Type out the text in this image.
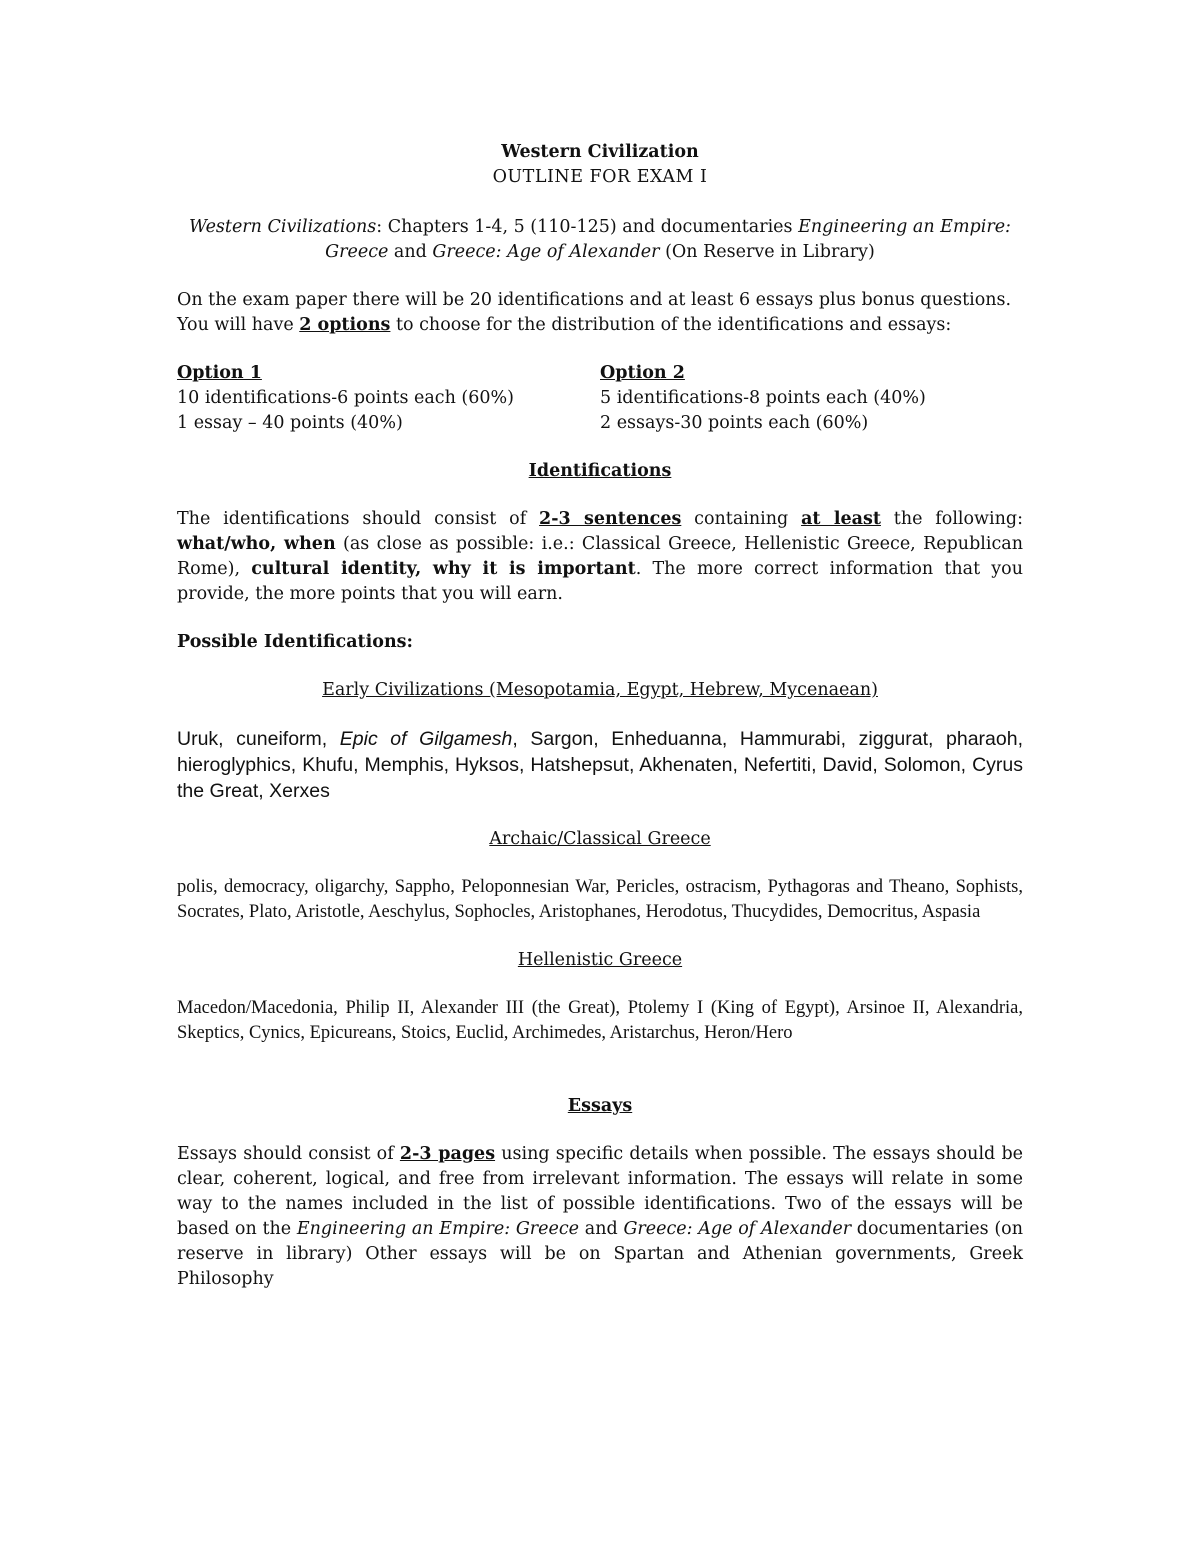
Western Civilization

OUTLINE FOR EXAM I

Western Civilizations: Chapters 1-4, 5 (110-125) and documentaries Engineering an Empire:
Greece and Greece: Age of Alexander (On Reserve in Library)

On the exam paper there will be 20 identifications and at least 6 essays plus bonus questions.
You will have 2 options to choose for the distribution of the identifications and essays:

Option 1

10 identifications-6 points each (60%)

1 essay – 40 points (40%)

Option 2

5 identifications-8 points each (40%)

2 essays-30 points each (60%)

Identifications

The identifications should consist of 2-3 sentences containing at least the following: what/who, when (as close as possible: i.e.: Classical Greece, Hellenistic Greece, Republican Rome), cultural identity, why it is important. The more correct information that you provide, the more points that you will earn.

Possible Identifications:

Early Civilizations (Mesopotamia, Egypt, Hebrew, Mycenaean)

Uruk, cuneiform, Epic of Gilgamesh, Sargon, Enheduanna, Hammurabi, ziggurat, pharaoh, hieroglyphics, Khufu, Memphis, Hyksos, Hatshepsut, Akhenaten, Nefertiti, David, Solomon, Cyrus the Great, Xerxes

Archaic/Classical Greece

polis, democracy, oligarchy, Sappho, Peloponnesian War, Pericles, ostracism, Pythagoras and Theano, Sophists, Socrates, Plato, Aristotle, Aeschylus, Sophocles, Aristophanes, Herodotus, Thucydides, Democritus, Aspasia

Hellenistic Greece

Macedon/Macedonia, Philip II, Alexander III (the Great), Ptolemy I (King of Egypt), Arsinoe II, Alexandria, Skeptics, Cynics, Epicureans, Stoics, Euclid, Archimedes, Aristarchus, Heron/Hero

Essays

Essays should consist of 2-3 pages using specific details when possible. The essays should be clear, coherent, logical, and free from irrelevant information. The essays will relate in some way to the names included in the list of possible identifications. Two of the essays will be based on the Engineering an Empire: Greece and Greece: Age of Alexander documentaries (on reserve in library) Other essays will be on Spartan and Athenian governments, Greek Philosophy
